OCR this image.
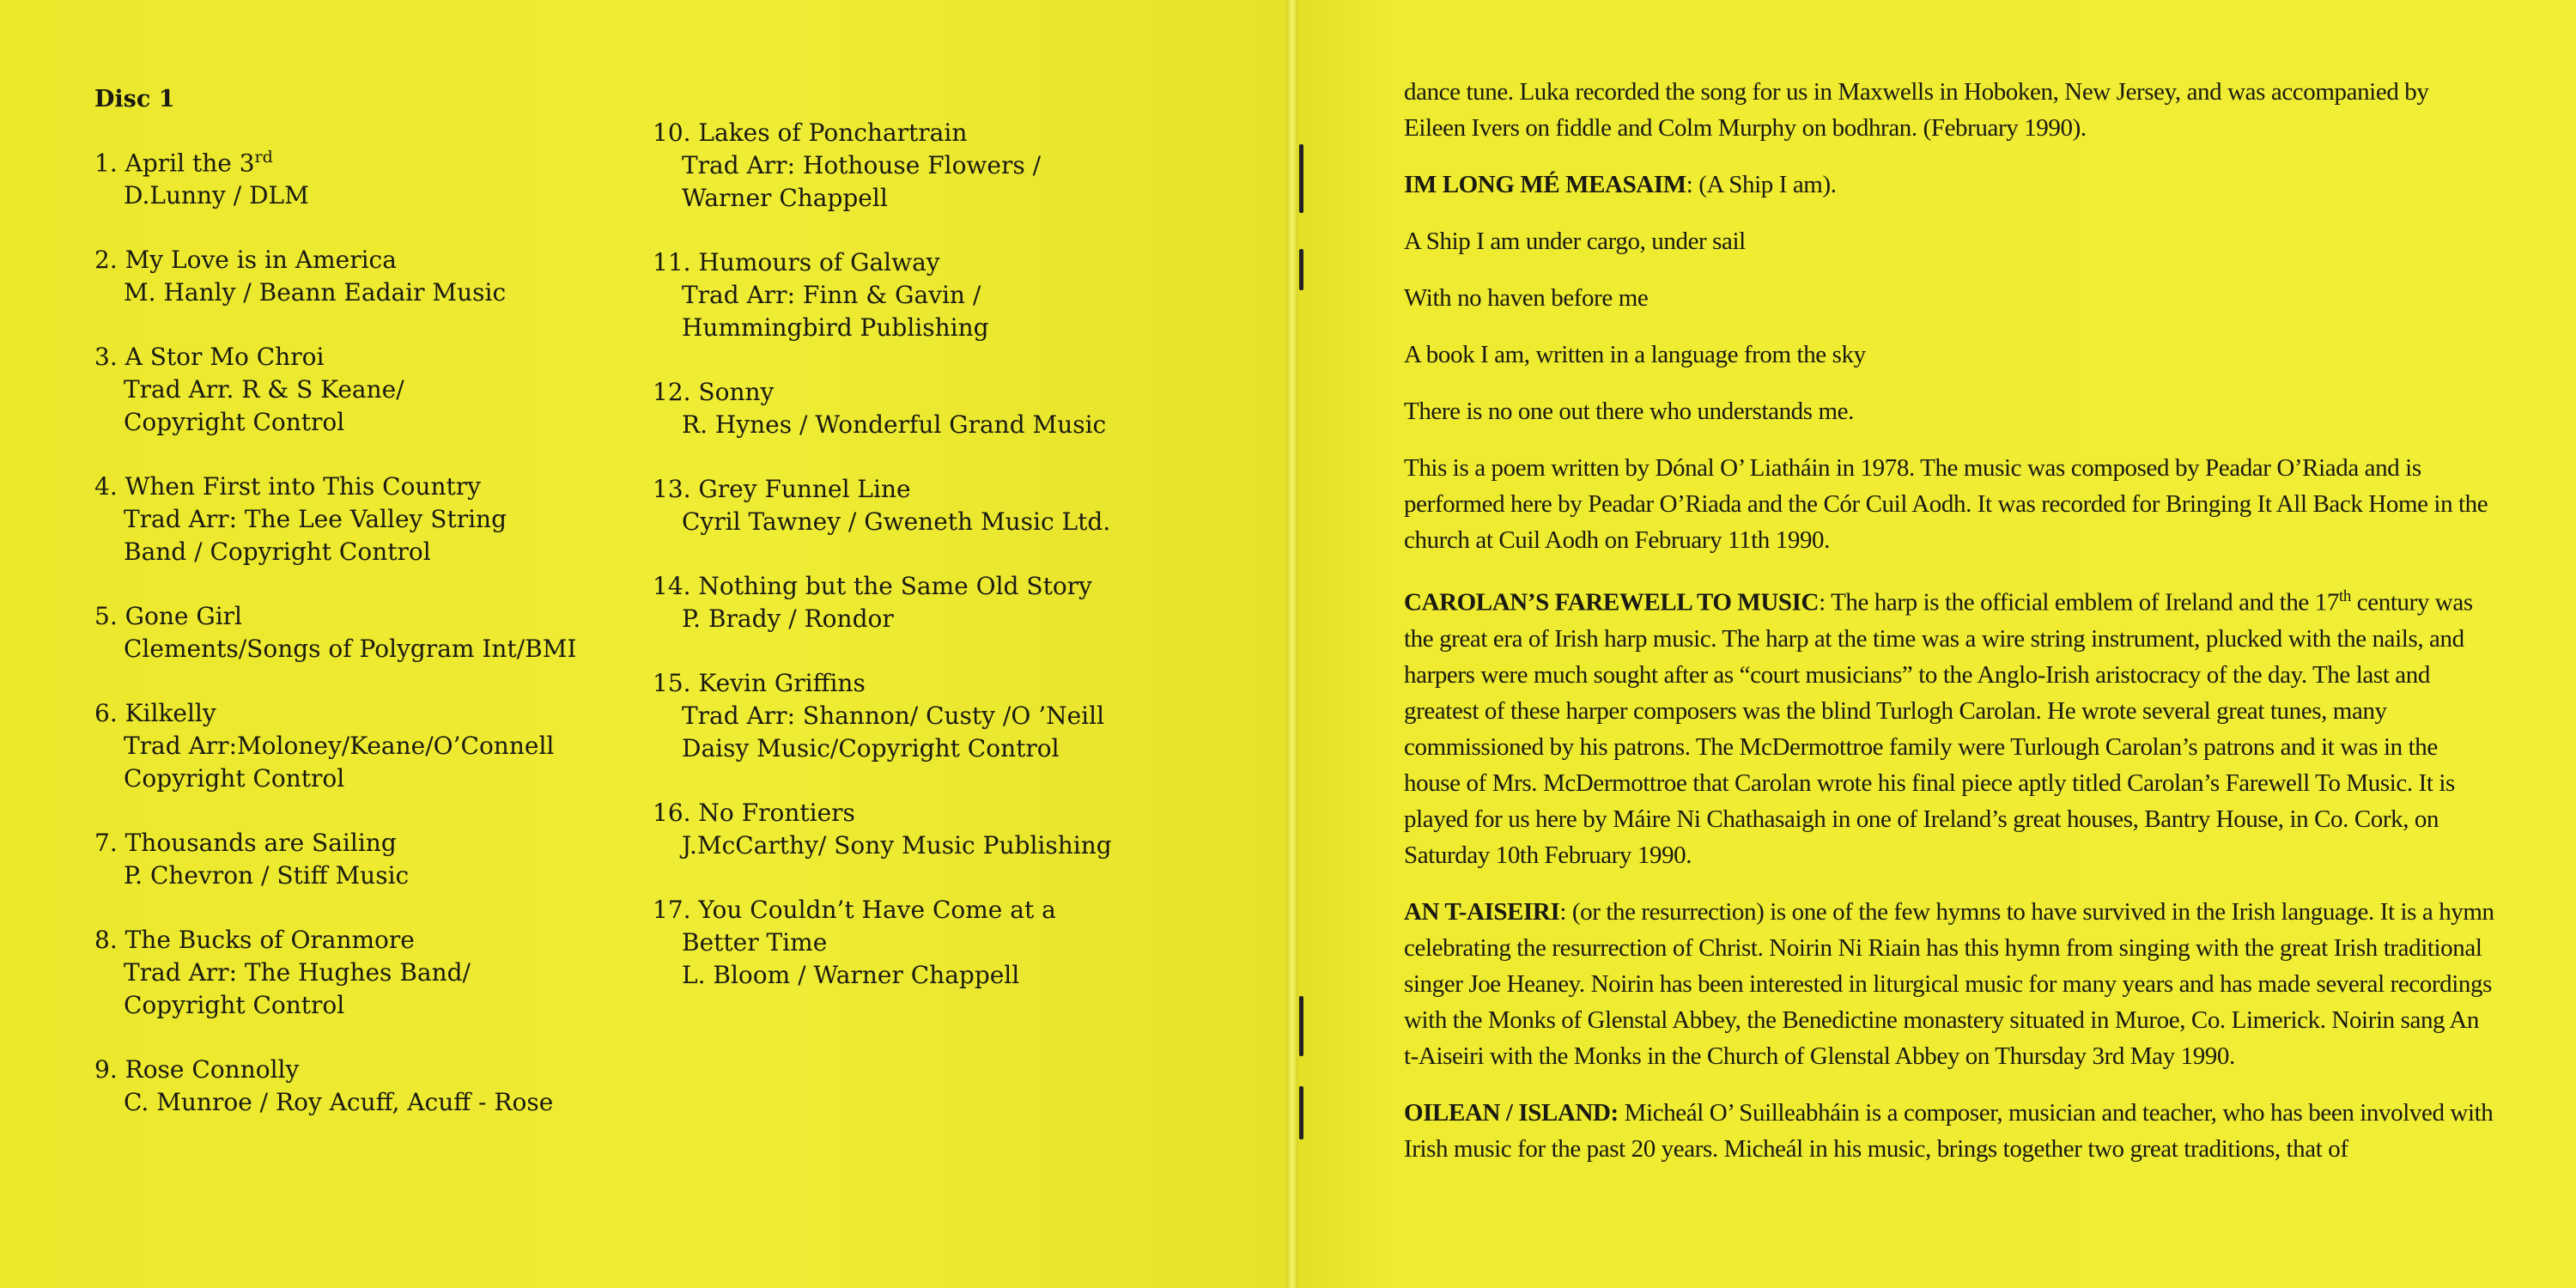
Disc 1
1. April the 3rd
D.Lunny / DLM
2. My Love is in America
M. Hanly / Beann Eadair Music
3. A Stor Mo Chroi
Trad Arr. R & S Keane/
Copyright Control
4. When First into This Country
Trad Arr: The Lee Valley String
Band / Copyright Control
5. Gone Girl
Clements/Songs of Polygram Int/BMI
6. Kilkelly
Trad Arr:Moloney/Keane/O’Connell
Copyright Control
7. Thousands are Sailing
P. Chevron / Stiff Music
8. The Bucks of Oranmore
Trad Arr: The Hughes Band/
Copyright Control
9. Rose Connolly
C. Munroe / Roy Acuff, Acuff - Rose
10. Lakes of Ponchartrain
Trad Arr: Hothouse Flowers /
Warner Chappell
11. Humours of Galway
Trad Arr: Finn & Gavin /
Hummingbird Publishing
12. Sonny
R. Hynes / Wonderful Grand Music
13. Grey Funnel Line
Cyril Tawney / Gweneth Music Ltd.
14. Nothing but the Same Old Story
P. Brady / Rondor
15. Kevin Griffins
Trad Arr: Shannon/ Custy /O ’Neill
Daisy Music/Copyright Control
16. No Frontiers
J.McCarthy/ Sony Music Publishing
17. You Couldn’t Have Come at a
Better Time
L. Bloom / Warner Chappell

dance tune. Luka recorded the song for us in Maxwells in Hoboken, New Jersey, and was accompanied by Eileen Ivers on fiddle and Colm Murphy on bodhran. (February 1990).

IM LONG MÉ MEASAIM: (A Ship I am).

A Ship I am under cargo, under sail

With no haven before me

A book I am, written in a language from the sky

There is no one out there who understands me.

This is a poem written by Dónal O’ Liatháin in 1978. The music was composed by Peadar O’Riada and is performed here by Peadar O’Riada and the Cór Cuil Aodh. It was recorded for Bringing It All Back Home in the church at Cuil Aodh on February 11th 1990.

CAROLAN’S FAREWELL TO MUSIC: The harp is the official emblem of Ireland and the 17th century was the great era of Irish harp music. The harp at the time was a wire string instrument, plucked with the nails, and harpers were much sought after as “court musicians” to the Anglo-Irish aristocracy of the day. The last and greatest of these harper composers was the blind Turlogh Carolan. He wrote several great tunes, many commissioned by his patrons. The McDermottroe family were Turlough Carolan’s patrons and it was in the house of Mrs. McDermottroe that Carolan wrote his final piece aptly titled Carolan’s Farewell To Music. It is played for us here by Máire Ni Chathasaigh in one of Ireland’s great houses, Bantry House, in Co. Cork, on Saturday 10th February 1990.

AN T-AISEIRI: (or the resurrection) is one of the few hymns to have survived in the Irish language. It is a hymn celebrating the resurrection of Christ. Noirin Ni Riain has this hymn from singing with the great Irish traditional singer Joe Heaney. Noirin has been interested in liturgical music for many years and has made several recordings with the Monks of Glenstal Abbey, the Benedictine monastery situated in Muroe, Co. Limerick. Noirin sang An t-Aiseiri with the Monks in the Church of Glenstal Abbey on Thursday 3rd May 1990.

OILEAN / ISLAND: Micheál O’ Suilleabháin is a composer, musician and teacher, who has been involved with Irish music for the past 20 years. Micheál in his music, brings together two great traditions, that of
